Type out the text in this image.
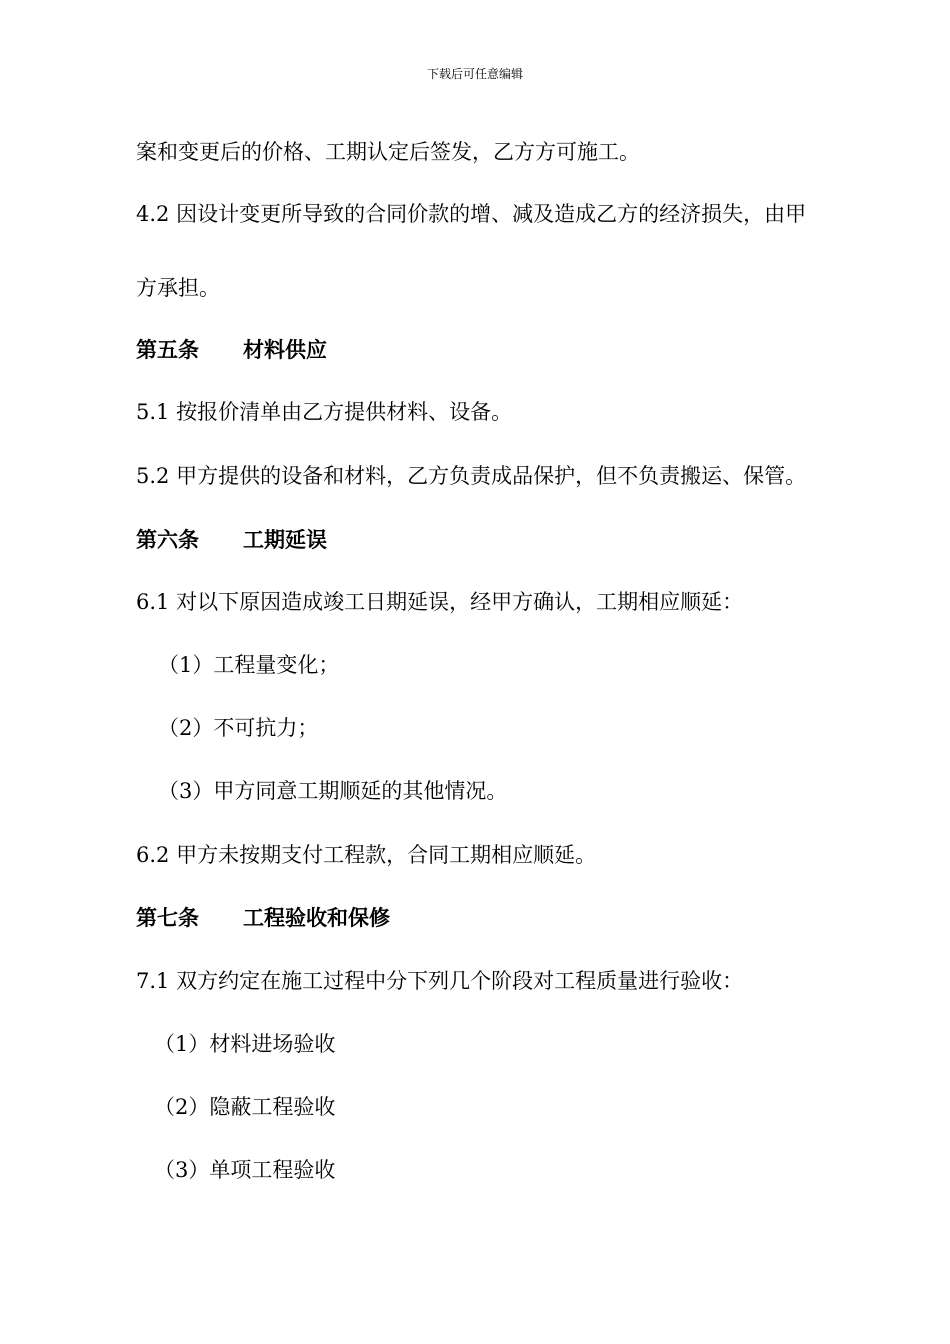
下载后可任意编辑
案和变更后的价格、工期认定后签发，乙方方可施工。
4.2 因设计变更所导致的合同价款的增、减及造成乙方的经济损失，由甲
方承担。
第五条 材料供应
5.1 按报价清单由乙方提供材料、设备。
5.2 甲方提供的设备和材料，乙方负责成品保护，但不负责搬运、保管。
第六条 工期延误
6.1 对以下原因造成竣工日期延误，经甲方确认，工期相应顺延：
（1）工程量变化；
（2）不可抗力；
（3）甲方同意工期顺延的其他情况。
6.2 甲方未按期支付工程款，合同工期相应顺延。
第七条 工程验收和保修
7.1 双方约定在施工过程中分下列几个阶段对工程质量进行验收：
（1）材料进场验收
（2）隐蔽工程验收
（3）单项工程验收
